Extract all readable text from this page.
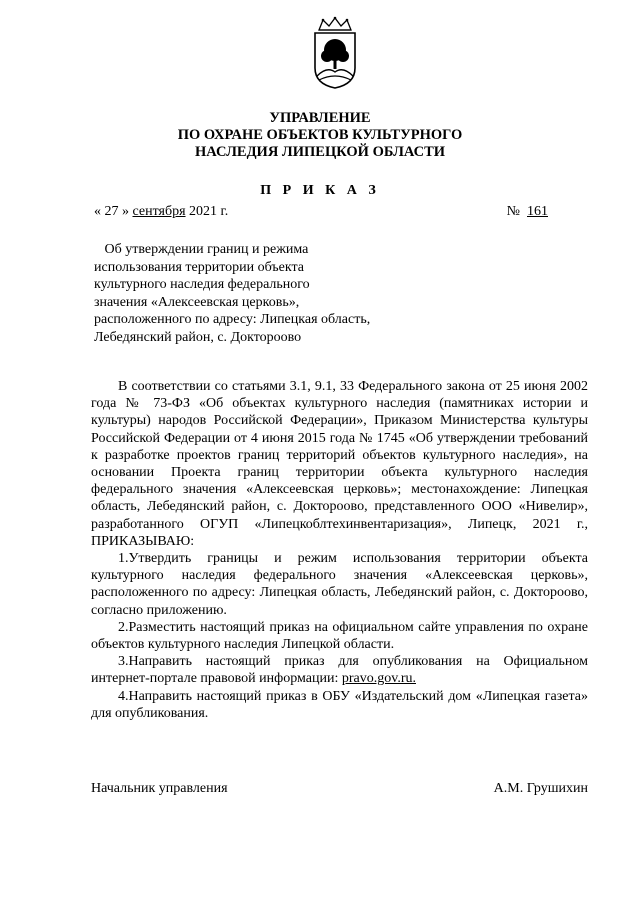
УПРАВЛЕНИЕ
ПО ОХРАНЕ ОБЪЕКТОВ КУЛЬТУРНОГО
НАСЛЕДИЯ ЛИПЕЦКОЙ ОБЛАСТИ
П Р И К А З
« 27 » сентября 2021 г.	№ 161
Об утверждении границ и режима
использования территории объекта
культурного наследия федерального
значения «Алексеевская церковь»,
расположенного по адресу: Липецкая область,
Лебедянский район, с. Доктороово

В соответствии со статьями 3.1, 9.1, 33 Федерального закона от 25 июня 2002 года № 73-ФЗ «Об объектах культурного наследия (памятниках истории и культуры) народов Российской Федерации», Приказом Министерства культуры Российской Федерации от 4 июня 2015 года № 1745 «Об утверждении требований к разработке проектов границ территорий объектов культурного наследия», на основании Проекта границ территории объекта культурного наследия федерального значения «Алексеевская церковь»; местонахождение: Липецкая область, Лебедянский район, с. Доктороово, представленного ООО «Нивелир», разработанного ОГУП «Липецкоблтехинвентаризация», Липецк, 2021 г., ПРИКАЗЫВАЮ:

1.Утвердить границы и режим использования территории объекта культурного наследия федерального значения «Алексеевская церковь», расположенного по адресу: Липецкая область, Лебедянский район, с. Доктороово, согласно приложению.

2.Разместить настоящий приказ на официальном сайте управления по охране объектов культурного наследия Липецкой области.

3.Направить настоящий приказ для опубликования на Официальном интернет-портале правовой информации: pravo.gov.ru.

4.Направить настоящий приказ в ОБУ «Издательский дом «Липецкая газета» для опубликования.

Начальник управления	А.М. Грушихин
